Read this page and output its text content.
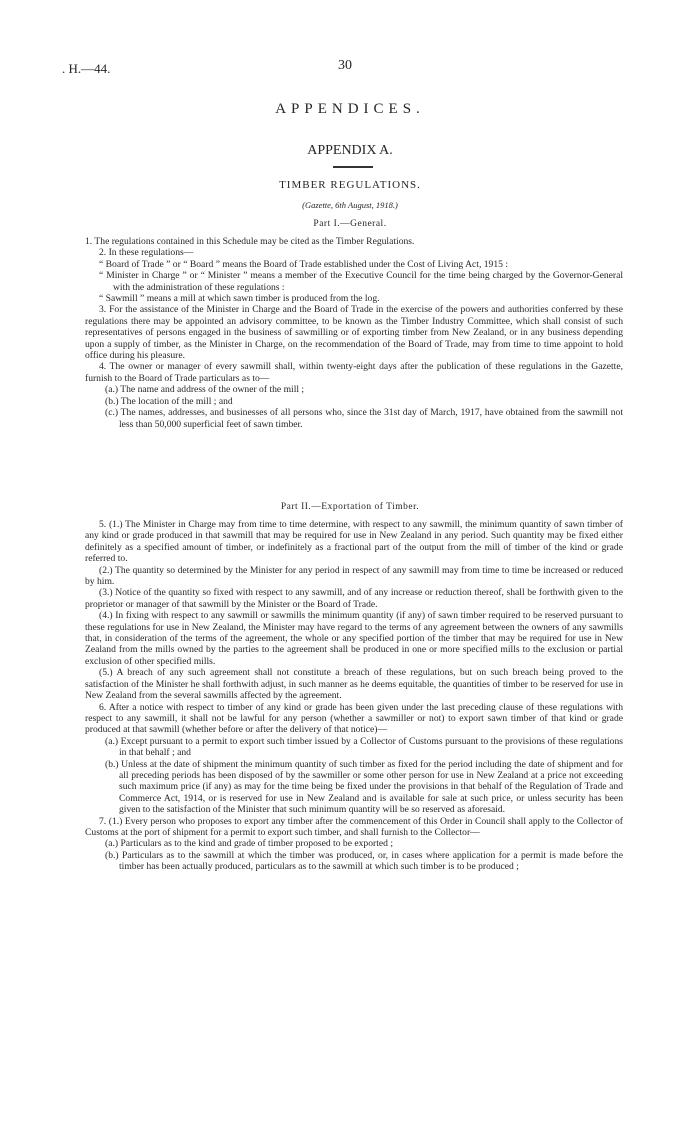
. H.—44.	30
APPENDICES.
APPENDIX A.
TIMBER REGULATIONS.
(Gazette, 6th August, 1918.)
Part I.—General.

1. The regulations contained in this Schedule may be cited as the Timber Regulations.

2. In these regulations—

“ Board of Trade ” or “ Board ” means the Board of Trade established under the Cost of Living Act, 1915 :

“ Minister in Charge ” or “ Minister ” means a member of the Executive Council for the time being charged by the Governor-General with the administration of these regulations :

“ Sawmill ” means a mill at which sawn timber is produced from the log.

3. For the assistance of the Minister in Charge and the Board of Trade in the exercise of the powers and authorities conferred by these regulations there may be appointed an advisory committee, to be known as the Timber Industry Committee, which shall consist of such representatives of persons engaged in the business of sawmilling or of exporting timber from New Zealand, or in any business depending upon a supply of timber, as the Minister in Charge, on the recommendation of the Board of Trade, may from time to time appoint to hold office during his pleasure.

4. The owner or manager of every sawmill shall, within twenty-eight days after the publication of these regulations in the Gazette, furnish to the Board of Trade particulars as to—

(a.) The name and address of the owner of the mill ;

(b.) The location of the mill ; and

(c.) The names, addresses, and businesses of all persons who, since the 31st day of March, 1917, have obtained from the sawmill not less than 50,000 superficial feet of sawn timber.

Part II.—Exportation of Timber.

5. (1.) The Minister in Charge may from time to time determine, with respect to any sawmill, the minimum quantity of sawn timber of any kind or grade produced in that sawmill that may be required for use in New Zealand in any period. Such quantity may be fixed either definitely as a specified amount of timber, or indefinitely as a fractional part of the output from the mill of timber of the kind or grade referred to.

(2.) The quantity so determined by the Minister for any period in respect of any sawmill may from time to time be increased or reduced by him.

(3.) Notice of the quantity so fixed with respect to any sawmill, and of any increase or reduction thereof, shall be forthwith given to the proprietor or manager of that sawmill by the Minister or the Board of Trade.

(4.) In fixing with respect to any sawmill or sawmills the minimum quantity (if any) of sawn timber required to be reserved pursuant to these regulations for use in New Zealand, the Minister may have regard to the terms of any agreement between the owners of any sawmills that, in consideration of the terms of the agreement, the whole or any specified portion of the timber that may be required for use in New Zealand from the mills owned by the parties to the agreement shall be produced in one or more specified mills to the exclusion or partial exclusion of other specified mills.

(5.) A breach of any such agreement shall not constitute a breach of these regulations, but on such breach being proved to the satisfaction of the Minister he shall forthwith adjust, in such manner as he deems equitable, the quantities of timber to be reserved for use in New Zealand from the several sawmills affected by the agreement.

6. After a notice with respect to timber of any kind or grade has been given under the last preceding clause of these regulations with respect to any sawmill, it shall not be lawful for any person (whether a sawmiller or not) to export sawn timber of that kind or grade produced at that sawmill (whether before or after the delivery of that notice)—

(a.) Except pursuant to a permit to export such timber issued by a Collector of Customs pursuant to the provisions of these regulations in that behalf ; and

(b.) Unless at the date of shipment the minimum quantity of such timber as fixed for the period including the date of shipment and for all preceding periods has been disposed of by the sawmiller or some other person for use in New Zealand at a price not exceeding such maximum price (if any) as may for the time being be fixed under the provisions in that behalf of the Regulation of Trade and Commerce Act, 1914, or is reserved for use in New Zealand and is available for sale at such price, or unless security has been given to the satisfaction of the Minister that such minimum quantity will be so reserved as aforesaid.

7. (1.) Every person who proposes to export any timber after the commencement of this Order in Council shall apply to the Collector of Customs at the port of shipment for a permit to export such timber, and shall furnish to the Collector—

(a.) Particulars as to the kind and grade of timber proposed to be exported ;

(b.) Particulars as to the sawmill at which the timber was produced, or, in cases where application for a permit is made before the timber has been actually produced, particulars as to the sawmill at which such timber is to be produced ;
